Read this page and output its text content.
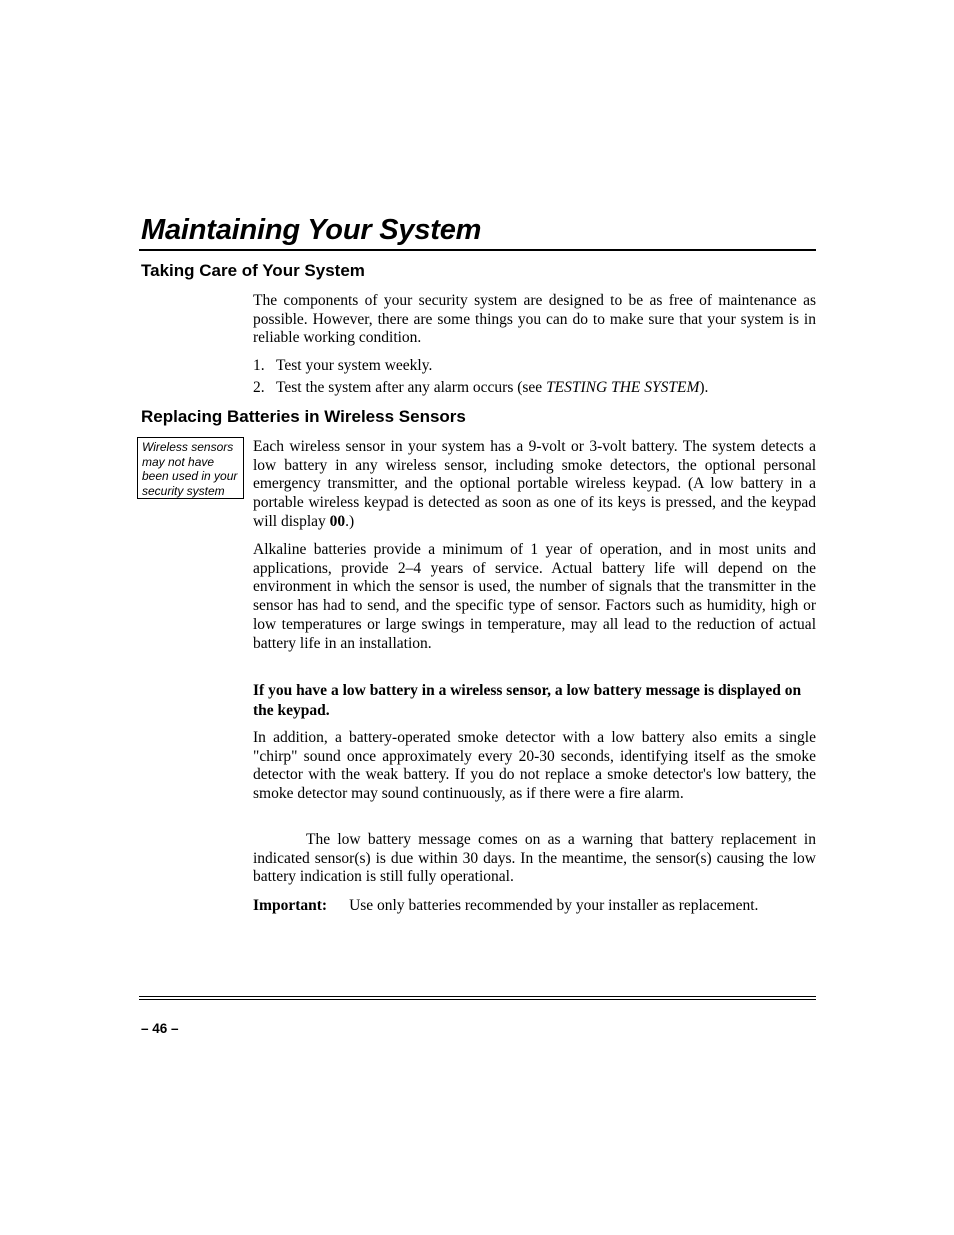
Maintaining Your System
Taking Care of Your System

The components of your security system are designed to be as free of maintenance as possible. However, there are some things you can do to make sure that your system is in reliable working condition.

1. Test your system weekly.
2. Test the system after any alarm occurs (see TESTING THE SYSTEM).
Replacing Batteries in Wireless Sensors
Wireless sensors may not have been used in your security system

Each wireless sensor in your system has a 9-volt or 3-volt battery. The system detects a low battery in any wireless sensor, including smoke detectors, the optional personal emergency transmitter, and the optional portable wireless keypad. (A low battery in a portable wireless keypad is detected as soon as one of its keys is pressed, and the keypad will display 00.)

Alkaline batteries provide a minimum of 1 year of operation, and in most units and applications, provide 2–4 years of service. Actual battery life will depend on the environment in which the sensor is used, the number of signals that the transmitter in the sensor has had to send, and the specific type of sensor. Factors such as humidity, high or low temperatures or large swings in temperature, may all lead to the reduction of actual battery life in an installation.

If you have a low battery in a wireless sensor, a low battery message is displayed on the keypad.

In addition, a battery-operated smoke detector with a low battery also emits a single "chirp" sound once approximately every 20-30 seconds, identifying itself as the smoke detector with the weak battery. If you do not replace a smoke detector's low battery, the smoke detector may sound continuously, as if there were a fire alarm.

The low battery message comes on as a warning that battery replacement in indicated sensor(s) is due within 30 days. In the meantime, the sensor(s) causing the low battery indication is still fully operational.

Important: Use only batteries recommended by your installer as replacement.

– 46 –
